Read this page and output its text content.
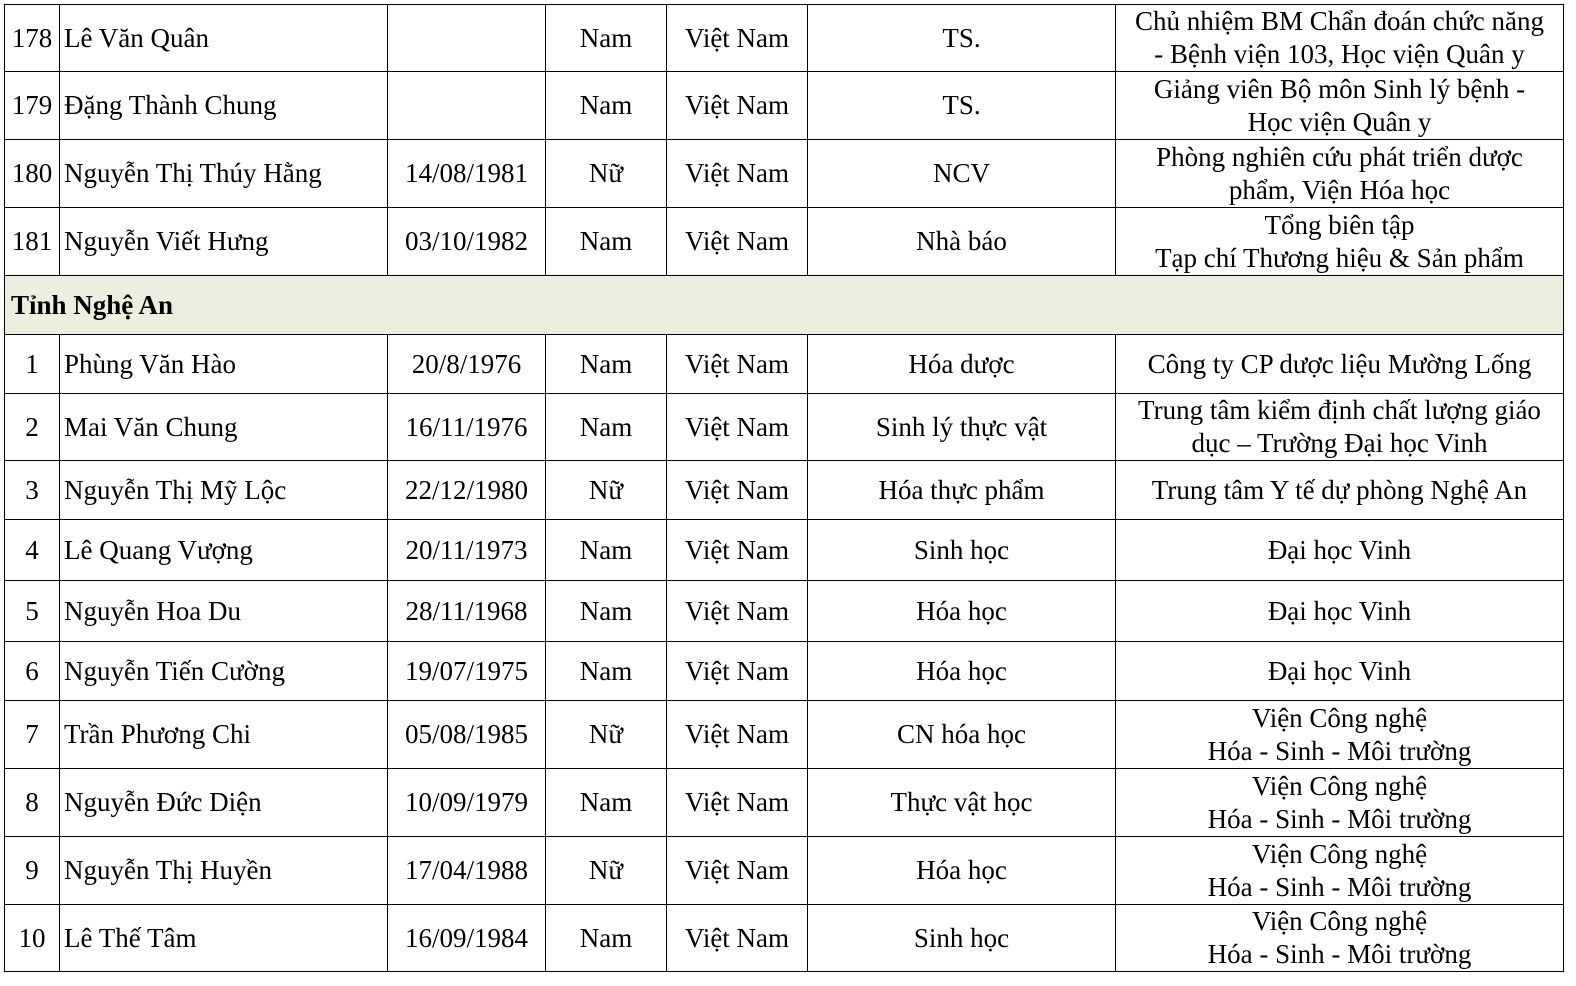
178	Lê Văn Quân		Nam	Việt Nam	TS.	Chủ nhiệm BM Chẩn đoán chức năng
- Bệnh viện 103, Học viện Quân y

179	Đặng Thành Chung		Nam	Việt Nam	TS.	Giảng viên Bộ môn Sinh lý bệnh -
Học viện Quân y

180	Nguyễn Thị Thúy Hằng	14/08/1981	Nữ	Việt Nam	NCV	Phòng nghiên cứu phát triển dược
phẩm, Viện Hóa học

181	Nguyễn Viết Hưng	03/10/1982	Nam	Việt Nam	Nhà báo	Tổng biên tập
Tạp chí Thương hiệu & Sản phẩm

Tỉnh Nghệ An						
1	Phùng Văn Hào	20/8/1976	Nam	Việt Nam	Hóa dược	Công ty CP dược liệu Mường Lống

2	Mai Văn Chung	16/11/1976	Nam	Việt Nam	Sinh lý thực vật	Trung tâm kiểm định chất lượng giáo
dục – Trường Đại học Vinh

3	Nguyễn Thị Mỹ Lộc	22/12/1980	Nữ	Việt Nam	Hóa thực phẩm	Trung tâm Y tế dự phòng Nghệ An

4	Lê Quang Vượng	20/11/1973	Nam	Việt Nam	Sinh học	Đại học Vinh

5	Nguyễn Hoa Du	28/11/1968	Nam	Việt Nam	Hóa học	Đại học Vinh

6	Nguyễn Tiến Cường	19/07/1975	Nam	Việt Nam	Hóa học	Đại học Vinh

7	Trần Phương Chi	05/08/1985	Nữ	Việt Nam	CN hóa học	Viện Công nghệ
Hóa - Sinh - Môi trường

8	Nguyễn Đức Diện	10/09/1979	Nam	Việt Nam	Thực vật học	Viện Công nghệ
Hóa - Sinh - Môi trường

9	Nguyễn Thị Huyền	17/04/1988	Nữ	Việt Nam	Hóa học	Viện Công nghệ
Hóa - Sinh - Môi trường

10	Lê Thế Tâm	16/09/1984	Nam	Việt Nam	Sinh học	Viện Công nghệ
Hóa - Sinh - Môi trường
